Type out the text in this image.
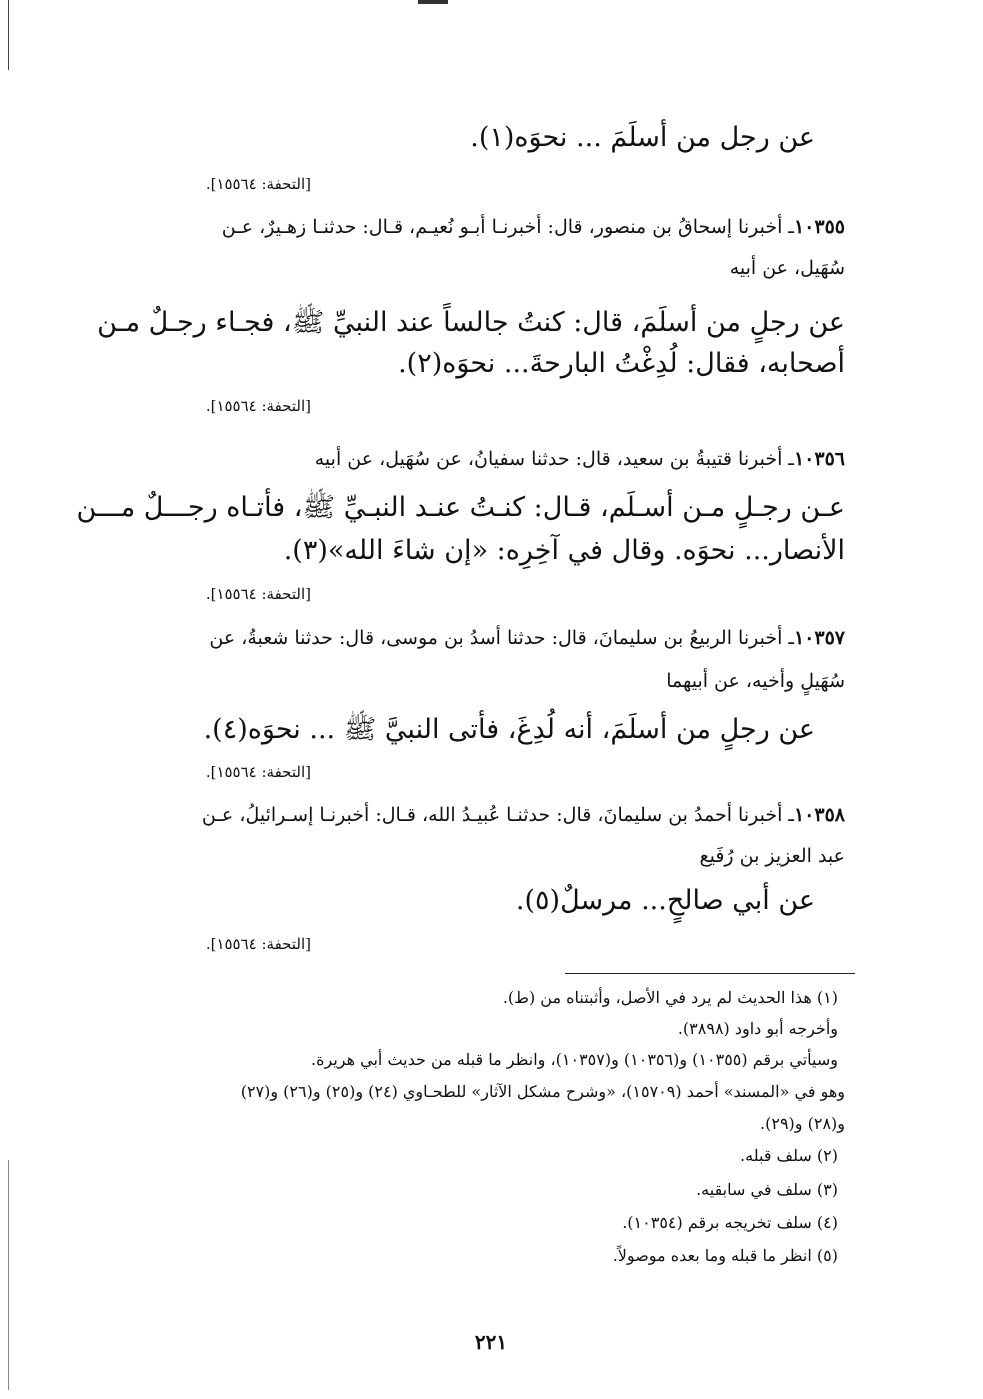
عن رجل من أسلَمَ ... نحوَه(١).
[التحفة: ١٥٥٦٤].
١٠٣٥٥ـ أخبرنا إسحاقُ بن منصور، قال: أخبرنـا أبـو نُعيـم، قـال: حدثنـا زهـيرٌ، عـن
سُهَيل، عن أبيه
عن رجلٍ من أسلَمَ، قال: كنتُ جالساً عند النبيِّ ﷺ، فجـاء رجـلٌ مـن
أصحابه، فقال: لُدِغْتُ البارحةَ... نحوَه(٢).
[التحفة: ١٥٥٦٤].
١٠٣٥٦ـ أخبرنا قتيبةُ بن سعيد، قال: حدثنا سفيانُ، عن سُهَيل، عن أبيه
عـن رجـلٍ مـن أسـلَم، قـال: كنـتُ عنـد النبـيِّ ﷺ، فأتـاه رجـــلٌ مـــن
الأنصار... نحوَه. وقال في آخِرِه: «إن شاءَ الله»(٣).
[التحفة: ١٥٥٦٤].
١٠٣٥٧ـ أخبرنا الربيعُ بن سليمانَ، قال: حدثنا أسدُ بن موسى، قال: حدثنا شعبةُ، عن
سُهَيلٍ وأخيه، عن أبيهما
عن رجلٍ من أسلَمَ، أنه لُدِغَ، فأتى النبيَّ ﷺ ... نحوَه(٤).
[التحفة: ١٥٥٦٤].
١٠٣٥٨ـ أخبرنا أحمدُ بن سليمانَ، قال: حدثنـا عُبيـدُ الله، قـال: أخبرنـا إسـرائيلُ، عـن
عبد العزيز بن رُفَيع
عن أبي صالحٍ... مرسلٌ(٥).
[التحفة: ١٥٥٦٤].
(١) هذا الحديث لم يرد في الأصل، وأثبتناه من (ط).
وأخرجه أبو داود (٣٨٩٨).
وسيأتي برقم (١٠٣٥٥) و(١٠٣٥٦) و(١٠٣٥٧)، وانظر ما قبله من حديث أبي هريرة.
وهو في «المسند» أحمد (١٥٧٠٩)، «وشرح مشكل الآثار» للطحـاوي (٢٤) و(٢٥) و(٢٦) و(٢٧)
و(٢٨) و(٢٩).
(٢) سلف قبله.
(٣) سلف في سابقيه.
(٤) سلف تخريجه برقم (١٠٣٥٤).
(٥) انظر ما قبله وما بعده موصولاً.
٢٢١
